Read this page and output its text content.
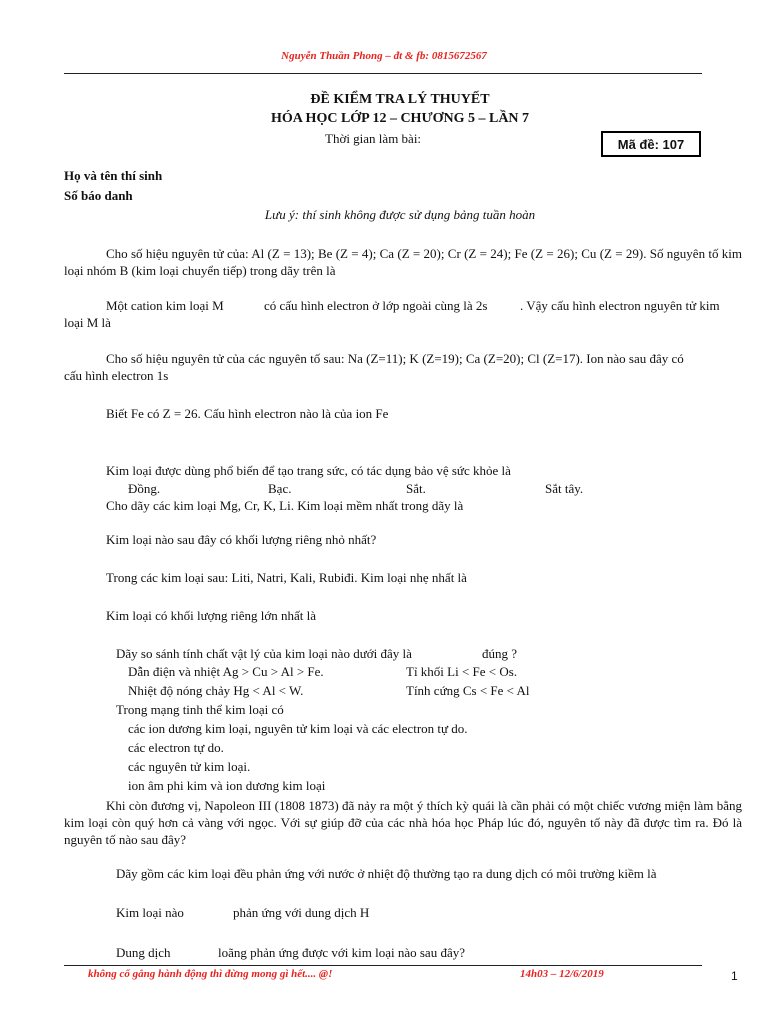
Nguyễn Thuần Phong – đt & fb: 0815672567
ĐỀ KIỂM TRA LÝ THUYẾT
HÓA HỌC LỚP 12 – CHƯƠNG 5 – LẦN 7
Thời gian làm bài:	Mã đề: 107
Họ và tên thí sinh
Số báo danh
Lưu ý: thí sinh không được sử dụng bảng tuần hoàn
Cho số hiệu nguyên tử của: Al (Z = 13); Be (Z = 4); Ca (Z = 20); Cr (Z = 24); Fe (Z = 26); Cu (Z = 29). Số nguyên tố kim loại nhóm B (kim loại chuyển tiếp) trong dãy trên là
Một cation kim loại M	có cấu hình electron ở lớp ngoài cùng là 2s	. Vậy cấu hình electron nguyên tử kim
loại M là
Cho số hiệu nguyên tử của các nguyên tố sau: Na (Z=11); K (Z=19); Ca (Z=20); Cl (Z=17). Ion nào sau đây có
cấu hình electron 1s
Biết Fe có Z = 26. Cấu hình electron nào là của ion Fe
Kim loại được dùng phổ biến để tạo trang sức, có tác dụng bảo vệ sức khỏe là
Đồng.	Bạc.	Sắt.	Sắt tây.
Cho dãy các kim loại Mg, Cr, K, Li. Kim loại mềm nhất trong dãy là
Kim loại nào sau đây có khối lượng riêng nhỏ nhất?
Trong các kim loại sau: Liti, Natri, Kali, Rubiđi. Kim loại nhẹ nhất là
Kim loại có khối lượng riêng lớn nhất là
Dãy so sánh tính chất vật lý của kim loại nào dưới đây là	đúng ?
Dẫn điện và nhiệt Ag > Cu > Al > Fe.	Tỉ khối Li < Fe < Os.
Nhiệt độ nóng chảy Hg < Al < W.	Tính cứng Cs < Fe < Al
Trong mạng tinh thể kim loại có
các ion dương kim loại, nguyên tử kim loại và các electron tự do.
các electron tự do.
các nguyên tử kim loại.
ion âm phi kim và ion dương kim loại
Khi còn đương vị, Napoleon III (1808 1873) đã nảy ra một ý thích kỳ quái là cần phải có một chiếc vương miện làm bằng kim loại còn quý hơn cả vàng với ngọc. Với sự giúp đỡ của các nhà hóa học Pháp lúc đó, nguyên tố này đã được tìm ra. Đó là nguyên tố nào sau đây?
Dãy gồm các kim loại đều phản ứng với nước ở nhiệt độ thường tạo ra dung dịch có môi trường kiềm là
Kim loại nào	phản ứng với dung dịch H
Dung dịch	loãng phản ứng được với kim loại nào sau đây?
không cố gắng hành động thì đừng mong gì hết.... @!	14h03 – 12/6/2019	1
